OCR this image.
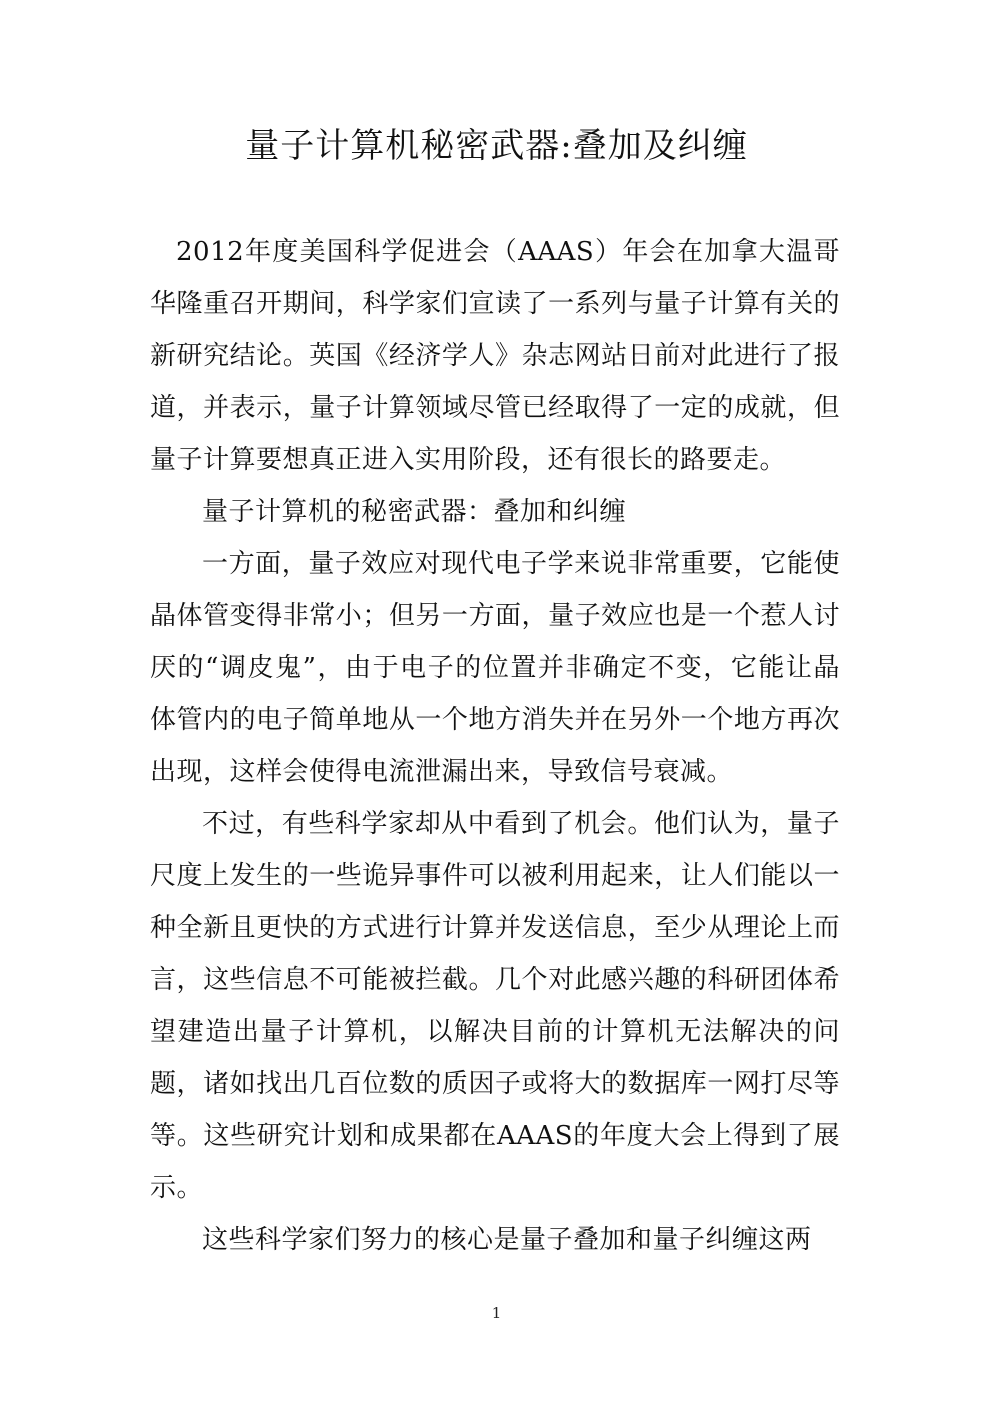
量子计算机秘密武器:叠加及纠缠

2012年度美国科学促进会（AAAS）年会在加拿大温哥华隆重召开期间，科学家们宣读了一系列与量子计算有关的新研究结论。英国《经济学人》杂志网站日前对此进行了报道，并表示，量子计算领域尽管已经取得了一定的成就，但量子计算要想真正进入实用阶段，还有很长的路要走。

量子计算机的秘密武器：叠加和纠缠

一方面，量子效应对现代电子学来说非常重要，它能使晶体管变得非常小；但另一方面，量子效应也是一个惹人讨厌的“调皮鬼”，由于电子的位置并非确定不变，它能让晶体管内的电子简单地从一个地方消失并在另外一个地方再次出现，这样会使得电流泄漏出来，导致信号衰减。

不过，有些科学家却从中看到了机会。他们认为，量子尺度上发生的一些诡异事件可以被利用起来，让人们能以一种全新且更快的方式进行计算并发送信息，至少从理论上而言，这些信息不可能被拦截。几个对此感兴趣的科研团体希望建造出量子计算机，以解决目前的计算机无法解决的问题，诸如找出几百位数的质因子或将大的数据库一网打尽等等。这些研究计划和成果都在AAAS的年度大会上得到了展示。

这些科学家们努力的核心是量子叠加和量子纠缠这两

1
